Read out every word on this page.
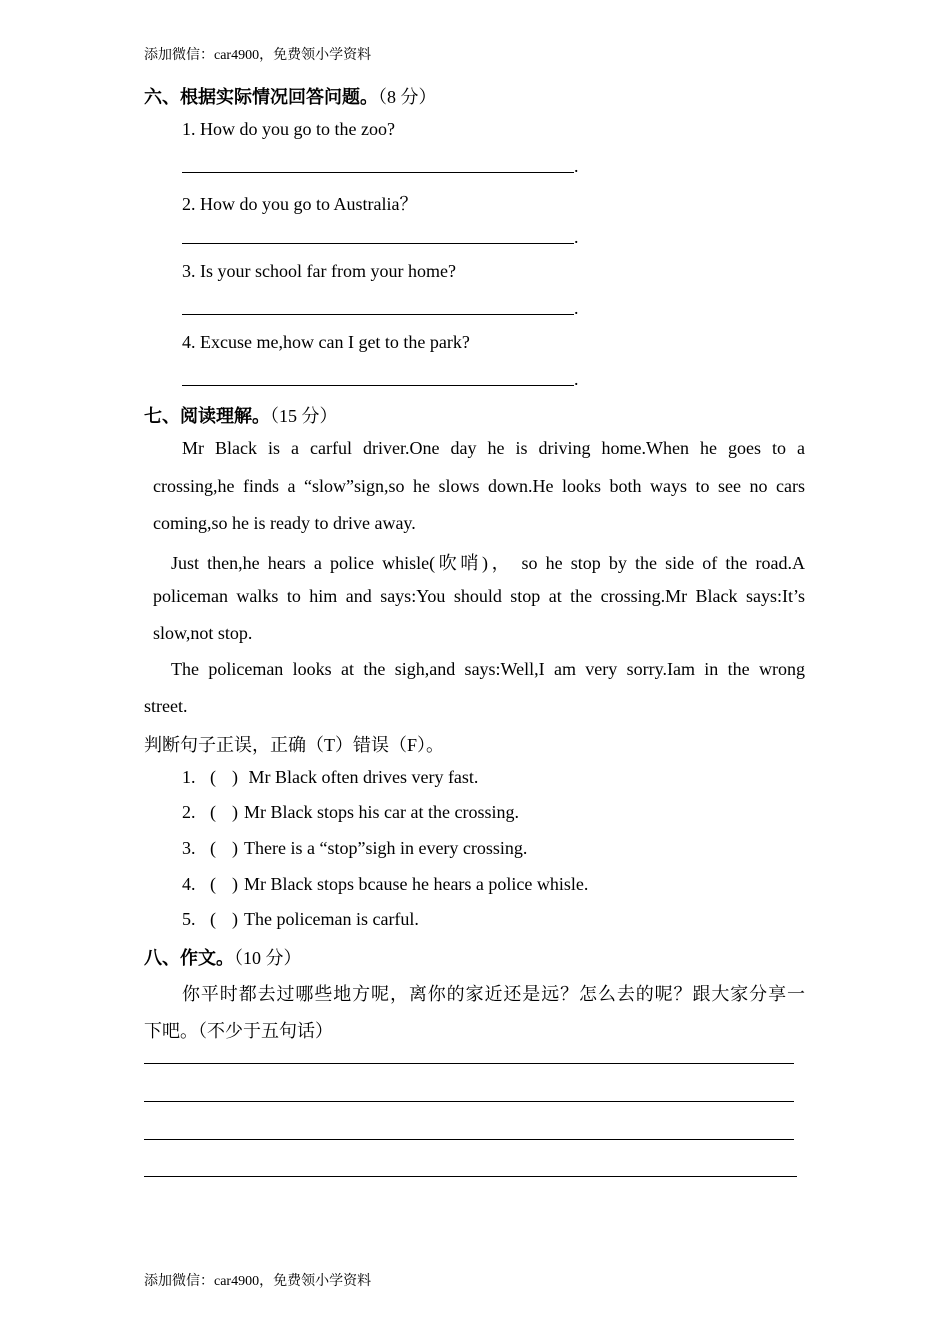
添加微信：car4900，免费领小学资料
六、根据实际情况回答问题。（8 分）
1. How do you go to the zoo?
.
2. How do you go to Australia？
.
3. Is your school far from your home?
.
4. Excuse me,how can I get to the park?
.
七、阅读理解。（15 分）
Mr Black is a carful driver.One day he is driving home.When he goes to a
crossing,he finds a “slow”sign,so he slows down.He looks both ways to see no cars
coming,so he is ready to drive away.
Just then,he hears a police whisle(吹哨)， so he stop by the side of the road.A
policeman walks to him and says:You should stop at the crossing.Mr Black says:It’s
slow,not stop.
The policeman looks at the sigh,and says:Well,I am very sorry.Iam in the wrong
street.
判断句子正误，正确（T）错误（F）。
1. ( ) Mr Black often drives very fast.
2. ( ) Mr Black stops his car at the crossing.
3. ( ) There is a “stop”sigh in every crossing.
4. ( ) Mr Black stops bcause he hears a police whisle.
5. ( ) The policeman is carful.
八、作文。（10 分）
你平时都去过哪些地方呢，离你的家近还是远？怎么去的呢？跟大家分享一
下吧。（不少于五句话）
添加微信：car4900，免费领小学资料
